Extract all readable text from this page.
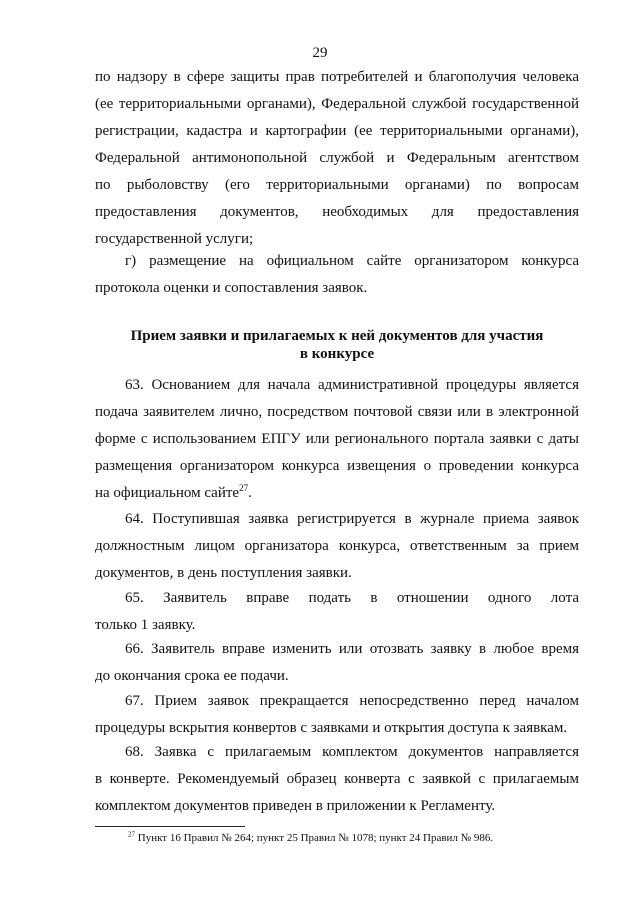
29
по надзору в сфере защиты прав потребителей и благополучия человека
(ее территориальными органами), Федеральной службой государственной
регистрации, кадастра и картографии (ее территориальными органами),
Федеральной антимонопольной службой и Федеральным агентством
по рыболовству (его территориальными органами) по вопросам
предоставления документов, необходимых для предоставления
государственной услуги;
г) размещение на официальном сайте организатором конкурса
протокола оценки и сопоставления заявок.
Прием заявки и прилагаемых к ней документов для участия
в конкурсе
63. Основанием для начала административной процедуры является
подача заявителем лично, посредством почтовой связи или в электронной
форме с использованием ЕПГУ или регионального портала заявки с даты
размещения организатором конкурса извещения о проведении конкурса
на официальном сайте$^{27}$.
64. Поступившая заявка регистрируется в журнале приема заявок
должностным лицом организатора конкурса, ответственным за прием
документов, в день поступления заявки.
65. Заявитель вправе подать в отношении одного лота
только 1 заявку.
66. Заявитель вправе изменить или отозвать заявку в любое время
до окончания срока ее подачи.
67. Прием заявок прекращается непосредственно перед началом
процедуры вскрытия конвертов с заявками и открытия доступа к заявкам.
68. Заявка с прилагаемым комплектом документов направляется
в конверте. Рекомендуемый образец конверта с заявкой с прилагаемым
комплектом документов приведен в приложении к Регламенту.
$^{27}$ Пункт 16 Правил № 264; пункт 25 Правил № 1078; пункт 24 Правил № 986.
